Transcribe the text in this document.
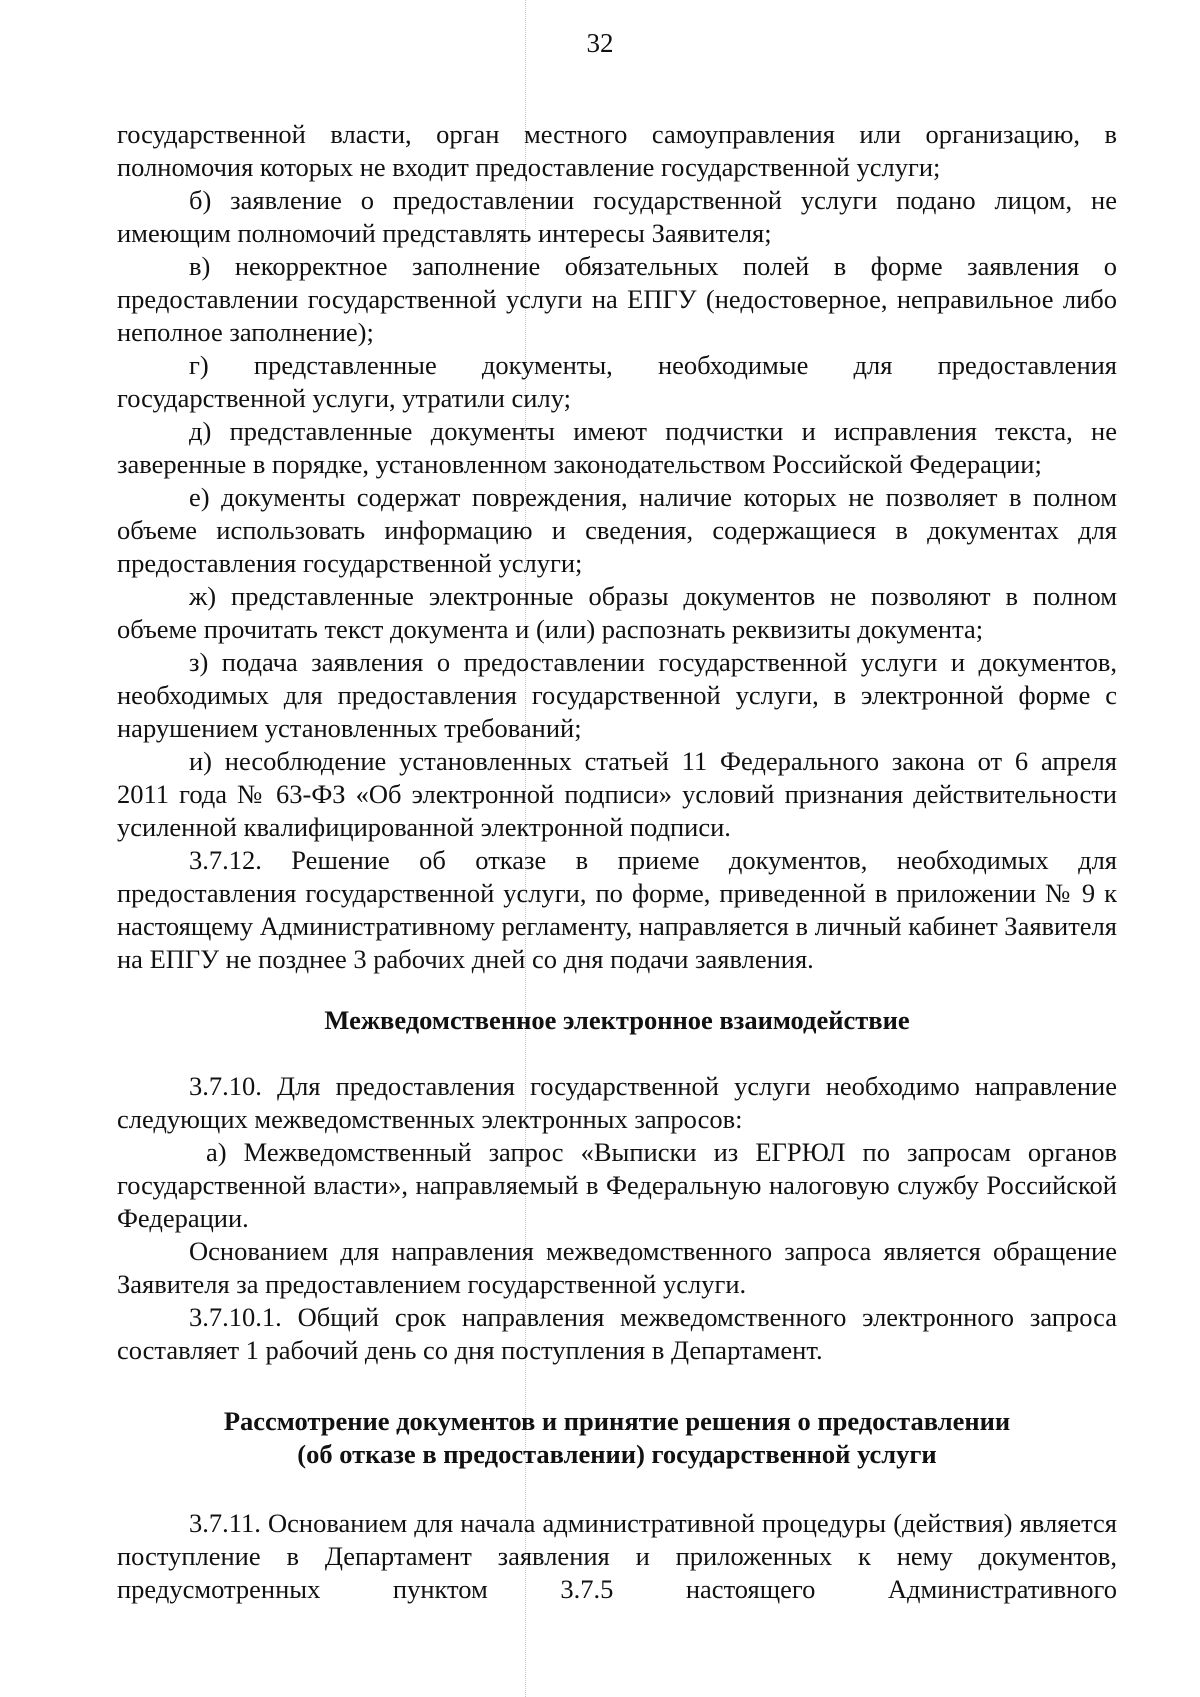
32

государственной власти, орган местного самоуправления или организацию, в полномочия которых не входит предоставление государственной услуги;

б) заявление о предоставлении государственной услуги подано лицом, не имеющим полномочий представлять интересы Заявителя;

в) некорректное заполнение обязательных полей в форме заявления о предоставлении государственной услуги на ЕПГУ (недостоверное, неправильное либо неполное заполнение);

г) представленные документы, необходимые для предоставления государственной услуги, утратили силу;

д) представленные документы имеют подчистки и исправления текста, не заверенные в порядке, установленном законодательством Российской Федерации;

е) документы содержат повреждения, наличие которых не позволяет в полном объеме использовать информацию и сведения, содержащиеся в документах для предоставления государственной услуги;

ж) представленные электронные образы документов не позволяют в полном объеме прочитать текст документа и (или) распознать реквизиты документа;

з) подача заявления о предоставлении государственной услуги и документов, необходимых для предоставления государственной услуги, в электронной форме с нарушением установленных требований;

и) несоблюдение установленных статьей 11 Федерального закона от 6 апреля 2011 года № 63-ФЗ «Об электронной подписи» условий признания действительности усиленной квалифицированной электронной подписи.

3.7.12. Решение об отказе в приеме документов, необходимых для предоставления государственной услуги, по форме, приведенной в приложении № 9 к настоящему Административному регламенту, направляется в личный кабинет Заявителя на ЕПГУ не позднее 3 рабочих дней со дня подачи заявления.

Межведомственное электронное взаимодействие

3.7.10. Для предоставления государственной услуги необходимо направление следующих межведомственных электронных запросов:

а) Межведомственный запрос «Выписки из ЕГРЮЛ по запросам органов государственной власти», направляемый в Федеральную налоговую службу Российской Федерации.

Основанием для направления межведомственного запроса является обращение Заявителя за предоставлением государственной услуги.

3.7.10.1. Общий срок направления межведомственного электронного запроса составляет 1 рабочий день со дня поступления в Департамент.

Рассмотрение документов и принятие решения о предоставлении

(об отказе в предоставлении) государственной услуги

3.7.11. Основанием для начала административной процедуры (действия) является поступление в Департамент заявления и приложенных к нему документов, предусмотренных пунктом 3.7.5 настоящего Административного
